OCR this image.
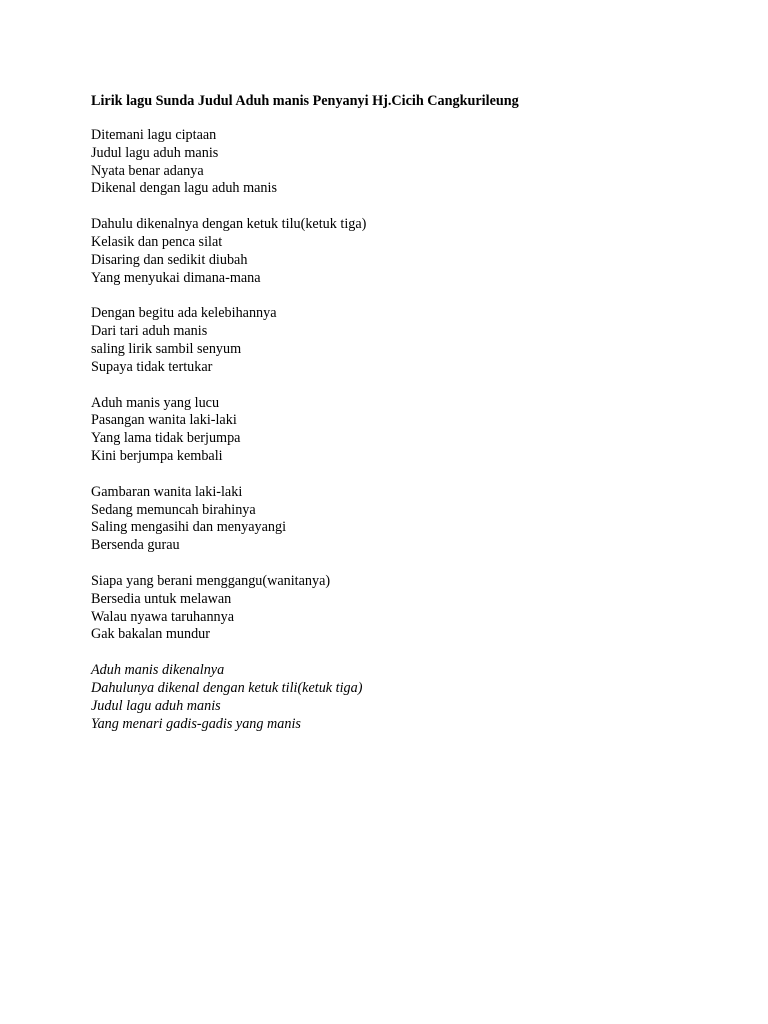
Lirik lagu Sunda Judul Aduh manis Penyanyi Hj.Cicih Cangkurileung
Ditemani lagu ciptaan
Judul lagu aduh manis
Nyata benar adanya
Dikenal dengan lagu aduh manis
Dahulu dikenalnya dengan ketuk tilu(ketuk tiga)
Kelasik dan penca silat
Disaring dan sedikit diubah
Yang menyukai dimana-mana
Dengan begitu ada kelebihannya
Dari tari aduh manis
saling lirik sambil senyum
Supaya tidak tertukar
Aduh manis yang lucu
Pasangan wanita laki-laki
Yang lama tidak berjumpa
Kini berjumpa kembali
Gambaran wanita laki-laki
Sedang memuncah birahinya
Saling mengasihi dan menyayangi
Bersenda gurau
Siapa yang berani menggangu(wanitanya)
Bersedia untuk melawan
Walau nyawa taruhannya
Gak bakalan mundur
Aduh manis dikenalnya
Dahulunya dikenal dengan ketuk tili(ketuk tiga)
Judul lagu aduh manis
Yang menari gadis-gadis yang manis
